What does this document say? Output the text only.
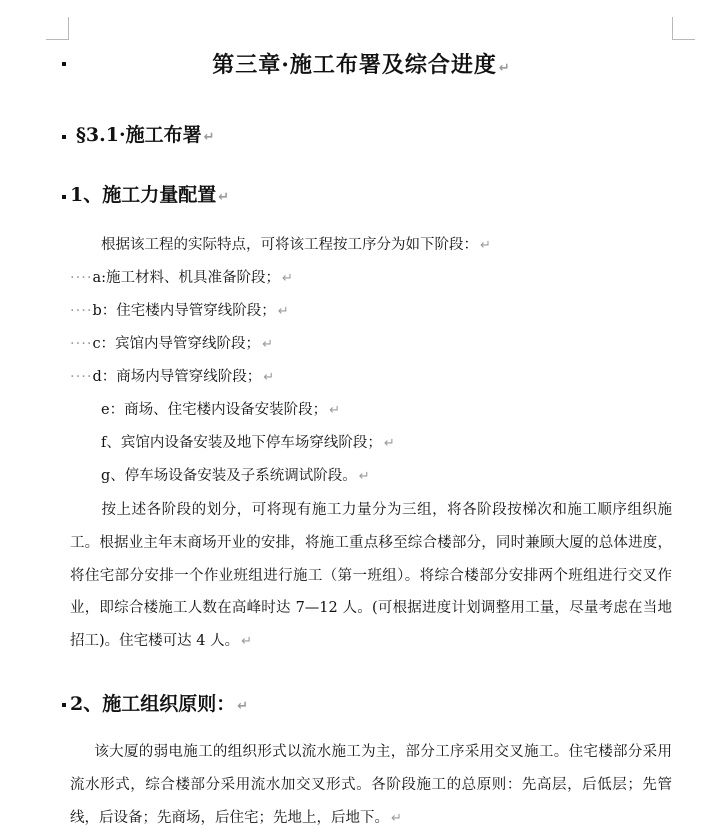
第三章·施工布署及综合进度 ↵
§3.1·施工布署 ↵
1、施工力量配置 ↵
根据该工程的实际特点，可将该工程按工序分为如下阶段： ↵
····a:施工材料、机具准备阶段； ↵
····b：住宅楼内导管穿线阶段； ↵
····c：宾馆内导管穿线阶段； ↵
····d：商场内导管穿线阶段； ↵
e：商场、住宅楼内设备安装阶段； ↵
f、宾馆内设备安装及地下停车场穿线阶段； ↵
g、停车场设备安装及子系统调试阶段。 ↵
按上述各阶段的划分，可将现有施工力量分为三组，将各阶段按梯次和施工顺序组织施工。根据业主年末商场开业的安排，将施工重点移至综合楼部分，同时兼顾大厦的总体进度，将住宅部分安排一个作业班组进行施工（第一班组）。将综合楼部分安排两个班组进行交叉作业，即综合楼施工人数在高峰时达 7—12 人。(可根据进度计划调整用工量，尽量考虑在当地招工)。住宅楼可达 4 人。 ↵
2、施工组织原则： ↵
该大厦的弱电施工的组织形式以流水施工为主，部分工序采用交叉施工。住宅楼部分采用流水形式，综合楼部分采用流水加交叉形式。各阶段施工的总原则：先高层，后低层；先管线，后设备；先商场，后住宅；先地上，后地下。 ↵
